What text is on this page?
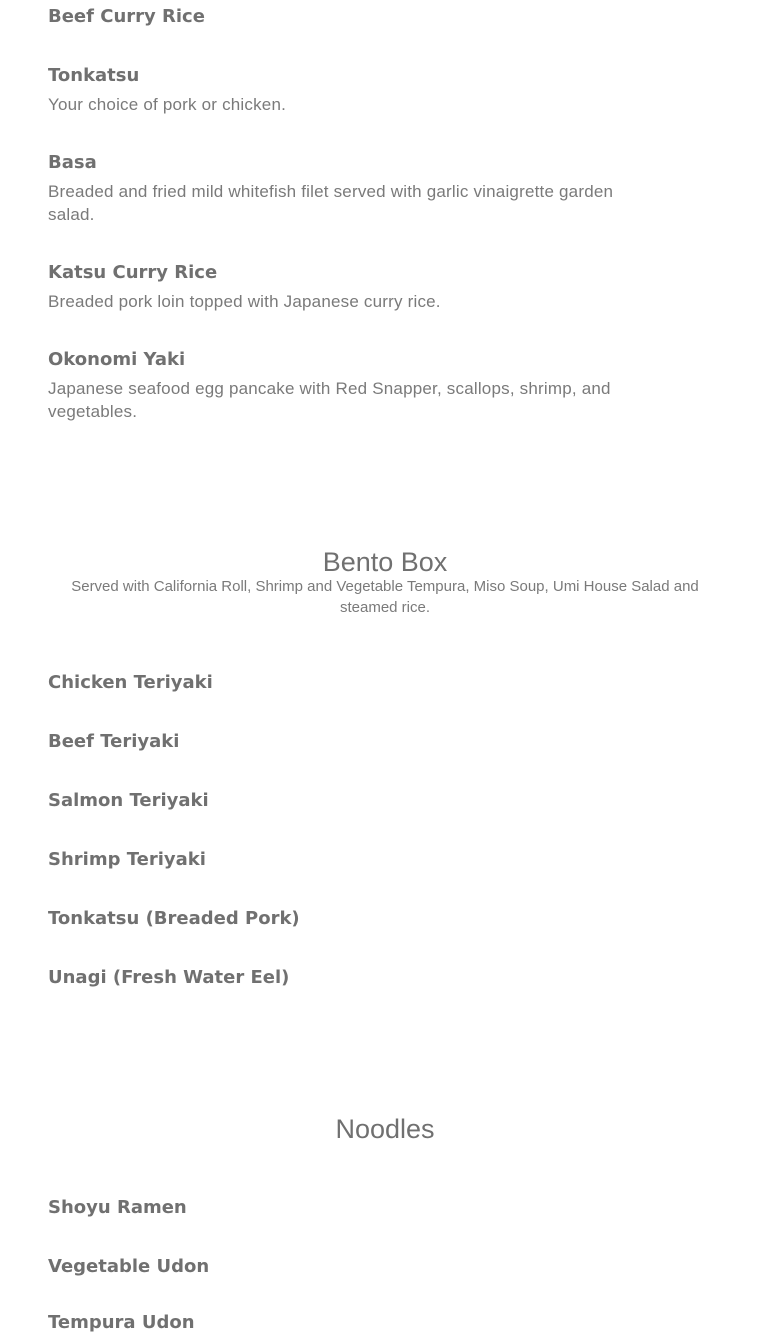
Beef Curry Rice
Tonkatsu

Your choice of pork or chicken.

Basa

Breaded and fried mild whitefish filet served with garlic vinaigrette garden salad.

Katsu Curry Rice

Breaded pork loin topped with Japanese curry rice.

Okonomi Yaki

Japanese seafood egg pancake with Red Snapper, scallops, shrimp, and vegetables.

Bento Box

Served with California Roll, Shrimp and Vegetable Tempura, Miso Soup, Umi House Salad and steamed rice.

Chicken Teriyaki
Beef Teriyaki
Salmon Teriyaki
Shrimp Teriyaki
Tonkatsu (Breaded Pork)
Unagi (Fresh Water Eel)
Noodles
Shoyu Ramen
Vegetable Udon
Tempura Udon
